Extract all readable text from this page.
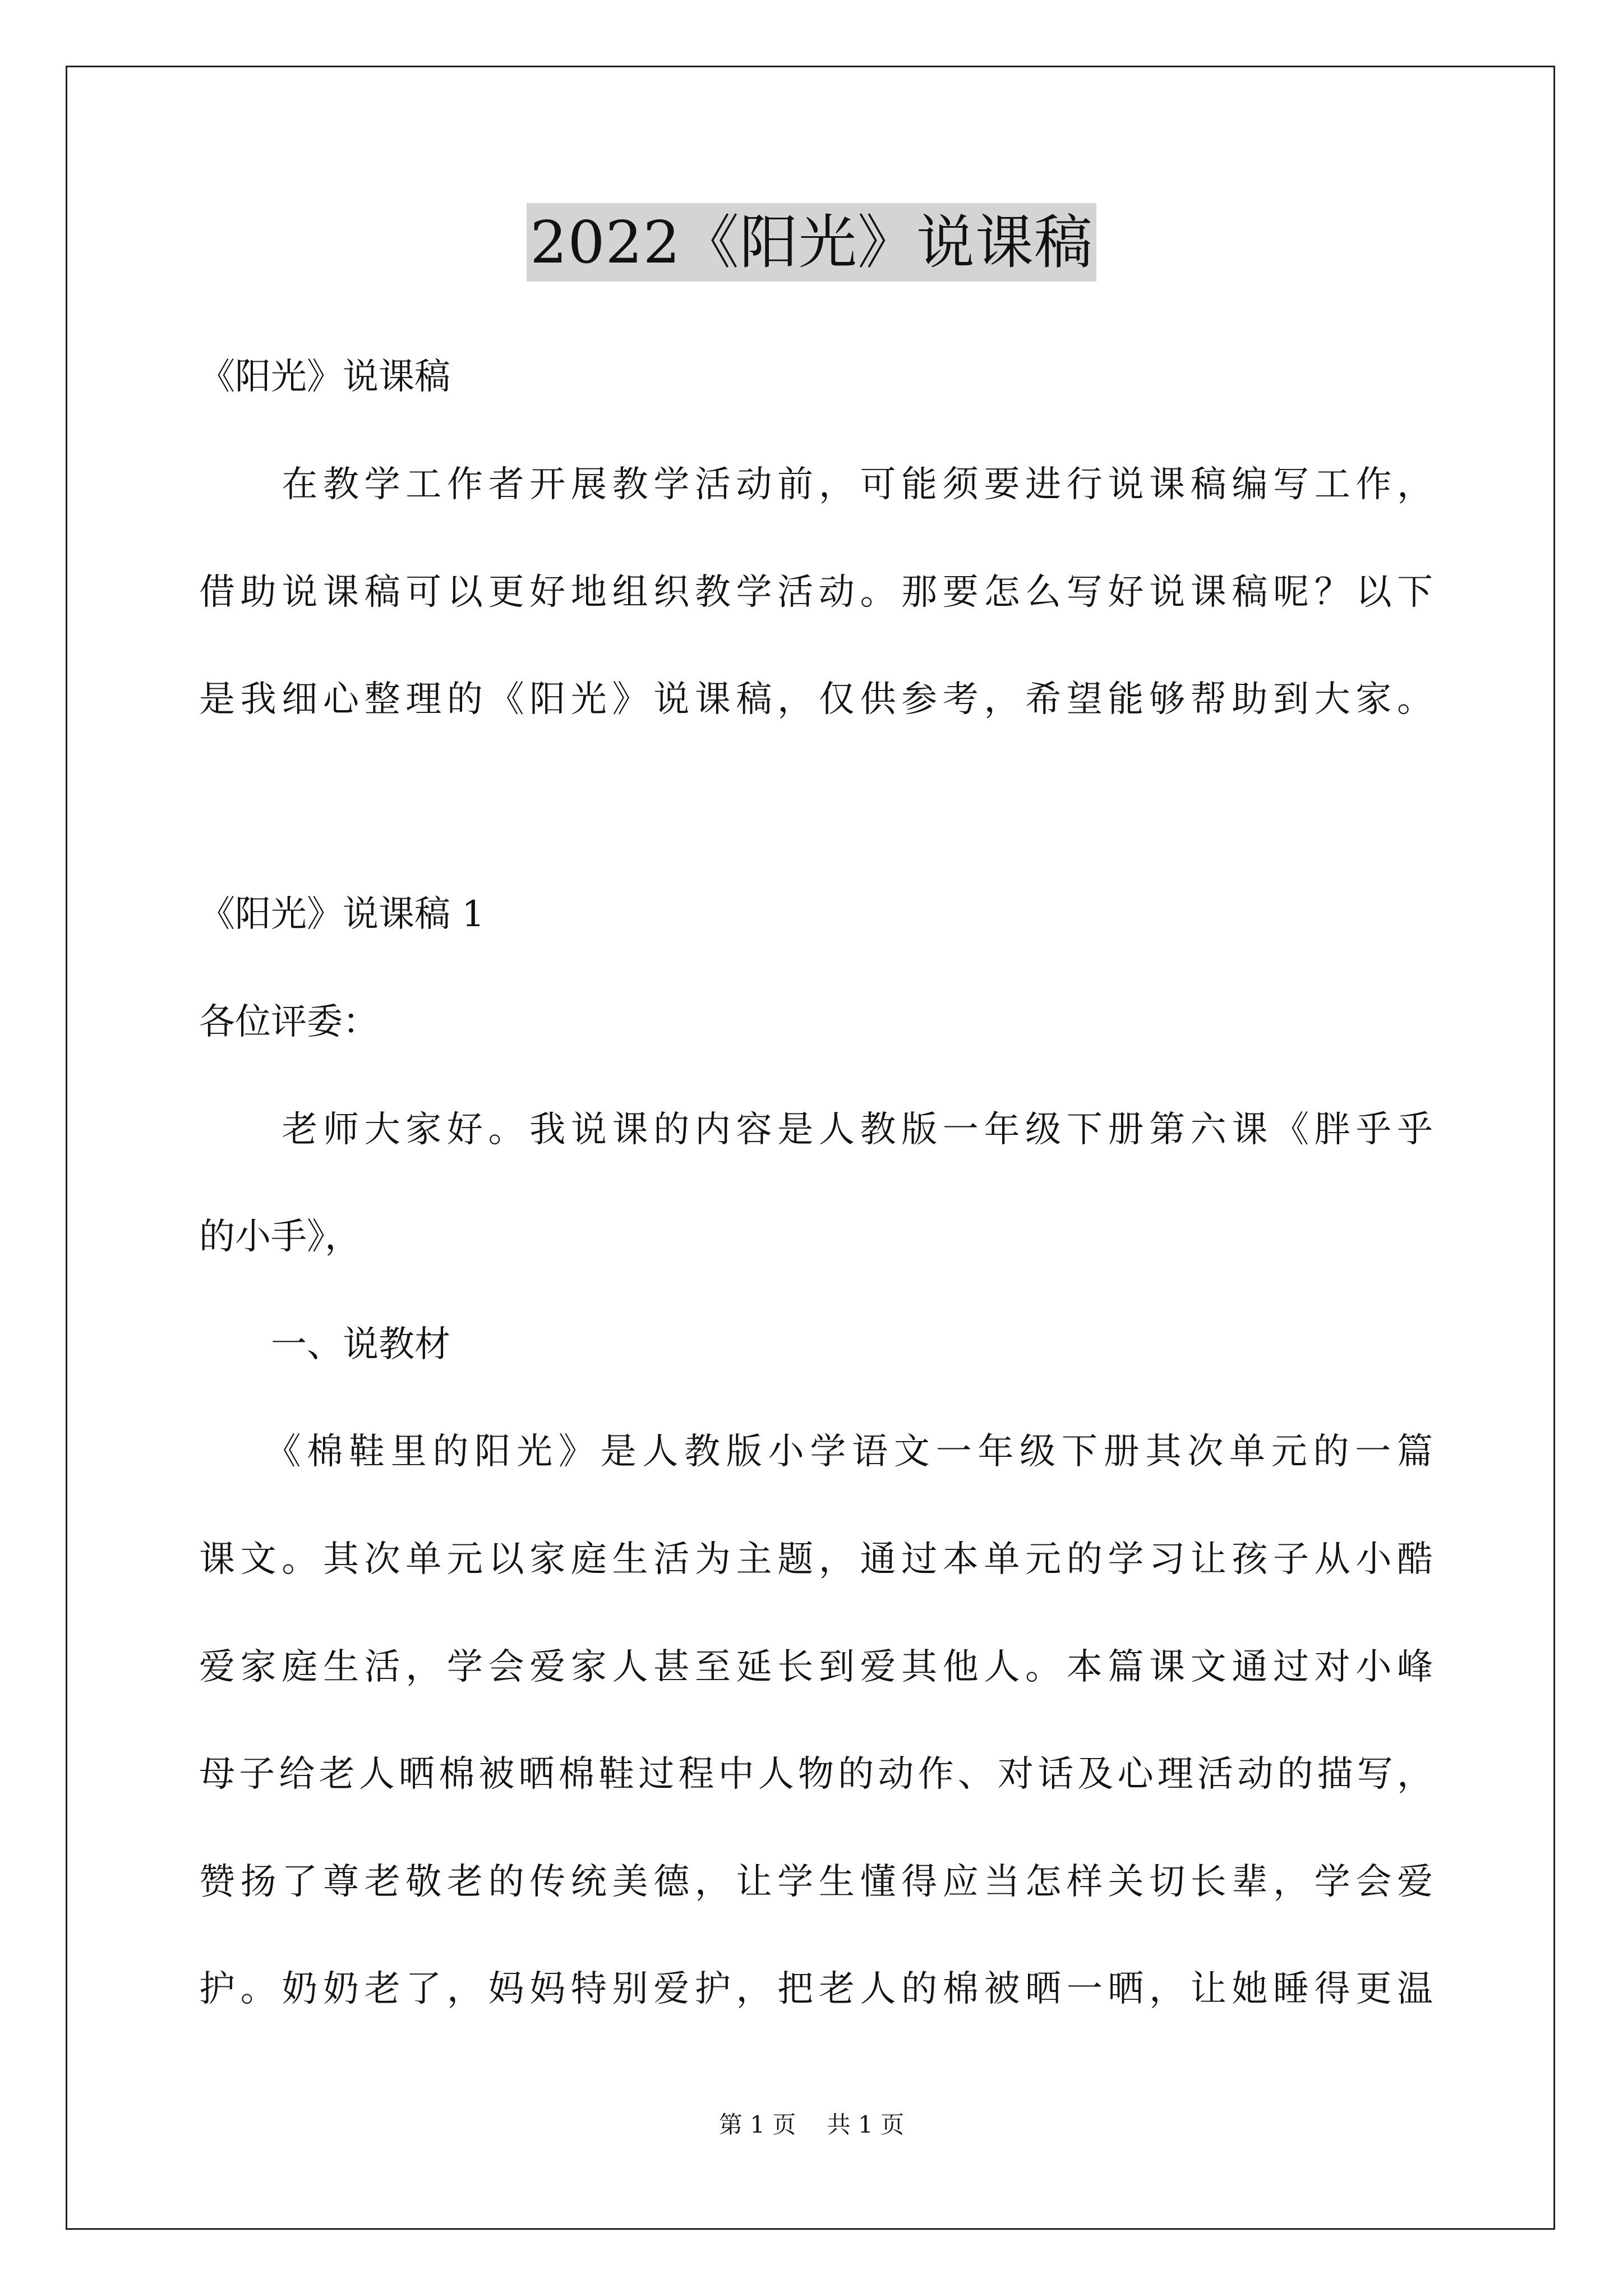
2022《阳光》说课稿
《阳光》说课稿
　　在教学工作者开展教学活动前，可能须要进行说课稿编写工作，
借助说课稿可以更好地组织教学活动。那要怎么写好说课稿呢？以下
是我细心整理的《阳光》说课稿，仅供参考，希望能够帮助到大家。
《阳光》说课稿 1
各位评委：
　　老师大家好。我说课的内容是人教版一年级下册第六课《胖乎乎
的小手》，
　　一、说教材
　　《棉鞋里的阳光》是人教版小学语文一年级下册其次单元的一篇
课文。其次单元以家庭生活为主题，通过本单元的学习让孩子从小酷
爱家庭生活，学会爱家人甚至延长到爱其他人。本篇课文通过对小峰
母子给老人晒棉被晒棉鞋过程中人物的动作、对话及心理活动的描写，
赞扬了尊老敬老的传统美德，让学生懂得应当怎样关切长辈，学会爱
护。奶奶老了，妈妈特别爱护，把老人的棉被晒一晒，让她睡得更温
第 1 页　 共 1 页
